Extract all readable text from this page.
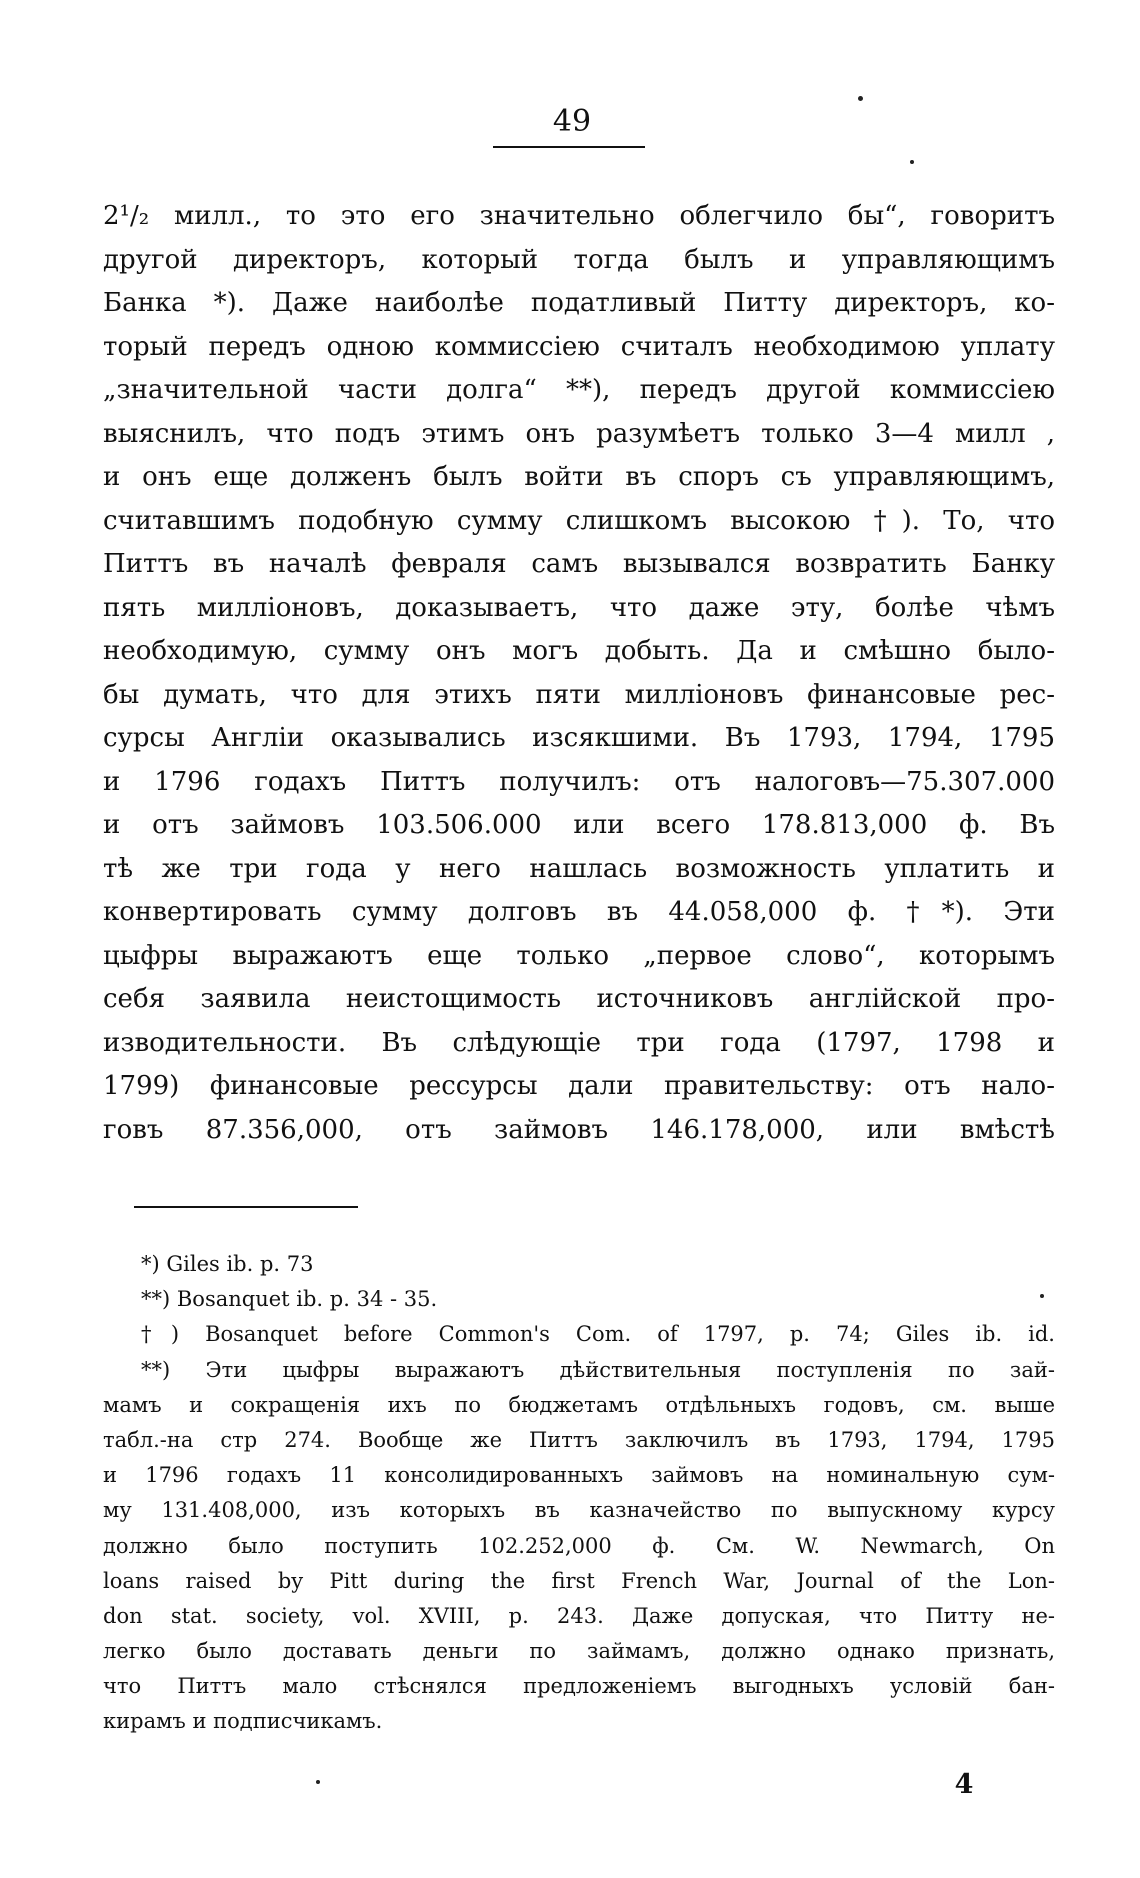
49
2¹/₂ милл., то это его значительно облегчило бы“, говоритъ
другой директоръ, который тогда былъ и управляющимъ
Банка *). Даже наиболѣе податливый Питту директоръ, ко-
торый передъ одною коммиссіею считалъ необходимою уплату
„значительной части долга“ **), передъ другой коммиссіею
выяснилъ, что подъ этимъ онъ разумѣетъ только 3—4 милл ,
и онъ еще долженъ былъ войти въ споръ съ управляющимъ,
считавшимъ подобную сумму слишкомъ высокою †). То, что
Питтъ въ началѣ февраля самъ вызывался возвратить Банку
пять милліоновъ, доказываетъ, что даже эту, болѣе чѣмъ
необходимую, сумму онъ могъ добыть. Да и смѣшно было-
бы думать, что для этихъ пяти милліоновъ финансовые рес-
сурсы Англіи оказывались изсякшими. Въ 1793, 1794, 1795
и 1796 годахъ Питтъ получилъ: отъ налоговъ—75.307.000
и отъ займовъ 103.506.000 или всего 178.813,000 ф. Въ
тѣ же три года у него нашлась возможность уплатить и
конвертировать сумму долговъ въ 44.058,000 ф. †*). Эти
цыфры выражаютъ еще только „первое слово“, которымъ
себя заявила неистощимость источниковъ англійской про-
изводительности. Въ слѣдующіе три года (1797, 1798 и
1799) финансовые рессурсы дали правительству: отъ нало-
говъ 87.356,000, отъ займовъ 146.178,000, или вмѣстѣ
*) Giles ib. p. 73
**) Bosanquet ib. p. 34 - 35.
†) Bosanquet before Common's Com. of 1797, p. 74; Giles ib. id.
**) Эти цыфры выражаютъ дѣйствительныя поступленія по зай-
мамъ и сокращенія ихъ по бюджетамъ отдѣльныхъ годовъ, см. выше
табл.-на стр 274. Вообще же Питтъ заключилъ въ 1793, 1794, 1795
и 1796 годахъ 11 консолидированныхъ займовъ на номинальную сум-
му 131.408,000, изъ которыхъ въ казначейство по выпускному курсу
должно было поступить 102.252,000 ф. См. W. Newmarch, On
loans raised by Pitt during the first French War, Journal of the Lon-
don stat. society, vol. XVIII, p. 243. Даже допуская, что Питту не-
легко было доставать деньги по займамъ, должно однако признать,
что Питтъ мало стѣснялся предложеніемъ выгодныхъ условій бан-
кирамъ и подписчикамъ.
4
